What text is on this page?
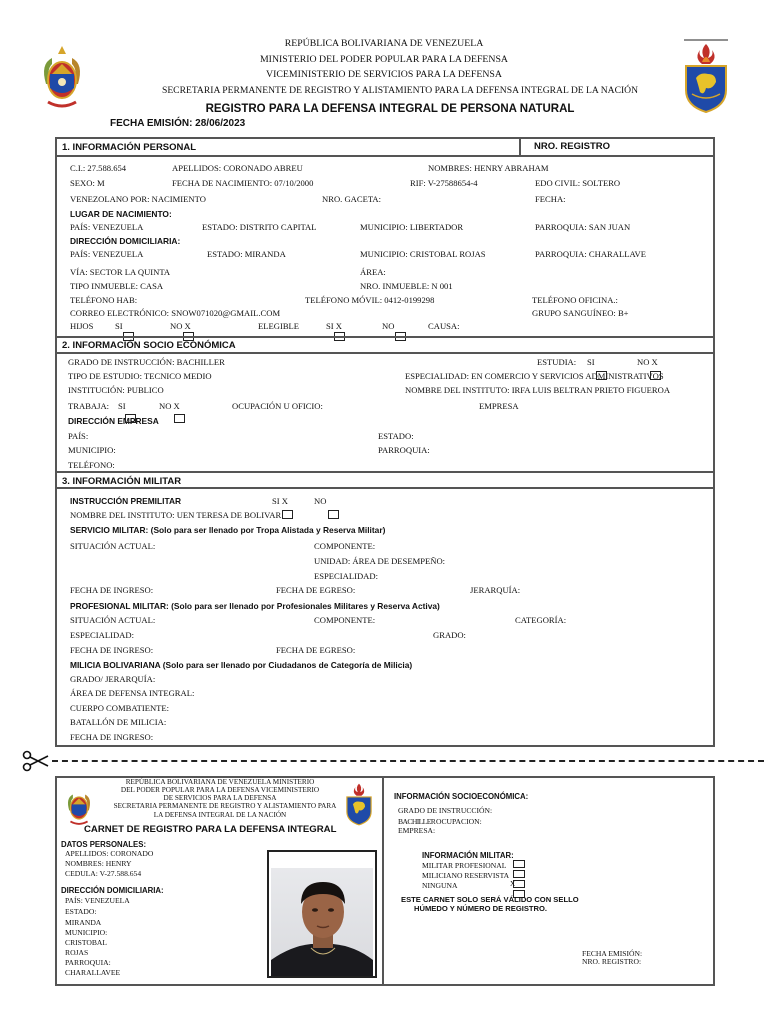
REPÚBLICA BOLIVARIANA DE VENEZUELA
MINISTERIO DEL PODER POPULAR PARA LA DEFENSA
VICEMINISTERIO DE SERVICIOS PARA LA DEFENSA
SECRETARIA PERMANENTE DE REGISTRO Y ALISTAMIENTO PARA LA DEFENSA INTEGRAL DE LA NACIÓN
REGISTRO PARA LA DEFENSA INTEGRAL DE PERSONA NATURAL
FECHA EMISIÓN: 28/06/2023
1. INFORMACIÓN PERSONAL	NRO. REGISTRO
C.I.: 27.588.654	APELLIDOS: CORONADO ABREU	NOMBRES: HENRY ABRAHAM
SEXO: M	FECHA DE NACIMIENTO: 07/10/2000	RIF: V-27588654-4	EDO CIVIL: SOLTERO
VENEZOLANO POR: NACIMIENTO	NRO. GACETA:	FECHA:
LUGAR DE NACIMIENTO:
PAÍS: VENEZUELA	ESTADO: DISTRITO CAPITAL	MUNICIPIO: LIBERTADOR	PARROQUIA: SAN JUAN
DIRECCIÓN DOMICILIARIA:
PAÍS: VENEZUELA	ESTADO: MIRANDA	MUNICIPIO: CRISTOBAL ROJAS	PARROQUIA: CHARALLAVE
VÍA: SECTOR LA QUINTA	ÁREA:
TIPO INMUEBLE: CASA	NRO. INMUEBLE: N 001
TELÉFONO HAB:	TELÉFONO MÓVIL: 0412-0199298	TELÉFONO OFICINA.:
CORREO ELECTRÓNICO: SNOW071020@GMAIL.COM	GRUPO SANGUÍNEO: B+
HIJOS	SI	NO X	ELEGIBLE	SI X	NO	CAUSA:
2. INFORMACIÓN SOCIO ECONÓMICA
GRADO DE INSTRUCCIÓN: BACHILLER	ESTUDIA: SI	NO X
TIPO DE ESTUDIO: TECNICO MEDIO	ESPECIALIDAD: EN COMERCIO Y SERVICIOS ADMINISTRATIVOS
INSTITUCIÓN: PUBLICO	NOMBRE DEL INSTITUTO: IRFA LUIS BELTRAN PRIETO FIGUEROA
TRABAJA: SI	NO X	OCUPACIÓN U OFICIO:	EMPRESA
DIRECCIÓN EMPRESA
PAÍS:	ESTADO:
MUNICIPIO:	PARROQUIA:
TELÉFONO:
3. INFORMACIÓN MILITAR
INSTRUCCIÓN PREMILITAR	SI X	NO
NOMBRE DEL INSTITUTO: UEN TERESA DE BOLIVAR
SERVICIO MILITAR: (Solo para ser llenado por Tropa Alistada y Reserva Militar)
SITUACIÓN ACTUAL:	COMPONENTE:
UNIDAD: ÁREA DE DESEMPEÑO:
ESPECIALIDAD:
FECHA DE INGRESO:	FECHA DE EGRESO:	JERARQUÍA:
PROFESIONAL MILITAR: (Solo para ser llenado por Profesionales Militares y Reserva Activa)
SITUACIÓN ACTUAL:	COMPONENTE:	CATEGORÍA:
ESPECIALIDAD:	GRADO:
FECHA DE INGRESO:	FECHA DE EGRESO:
MILICIA BOLIVARIANA (Solo para ser llenado por Ciudadanos de Categoría de Milicia)
GRADO/ JERARQUÍA:
ÁREA DE DEFENSA INTEGRAL:
CUERPO COMBATIENTE:
BATALLÓN DE MILICIA:
FECHA DE INGRESO:
REPÚBLICA BOLIVARIANA DE VENEZUELA MINISTERIO
DEL PODER POPULAR PARA LA DEFENSA VICEMINISTERIO
DE SERVICIOS PARA LA DEFENSA
SECRETARIA PERMANENTE DE REGISTRO Y ALISTAMIENTO PARA
LA DEFENSA INTEGRAL DE LA NACIÓN
CARNET DE REGISTRO PARA LA DEFENSA INTEGRAL
DATOS PERSONALES:
APELLIDOS: CORONADO
NOMBRES: HENRY
CEDULA: V-27.588.654
DIRECCIÓN DOMICILIARIA:
PAÍS: VENEZUELA
ESTADO:
MIRANDA
MUNICIPIO:
CRISTOBAL
ROJAS
PARROQUIA:
CHARALLAVEE
INFORMACIÓN SOCIOECONÓMICA:
GRADO DE INSTRUCCIÓN:
BACHILLER OCUPACION:
EMPRESA:
INFORMACIÓN MILITAR:
MILITAR PROFESIONAL
MILICIANO RESERVISTA
NINGUNA	X
ESTE CARNET SOLO SERÁ VÁLIDO CON SELLO
HÚMEDO Y NÚMERO DE REGISTRO.
FECHA EMISIÓN:
NRO. REGISTRO:
